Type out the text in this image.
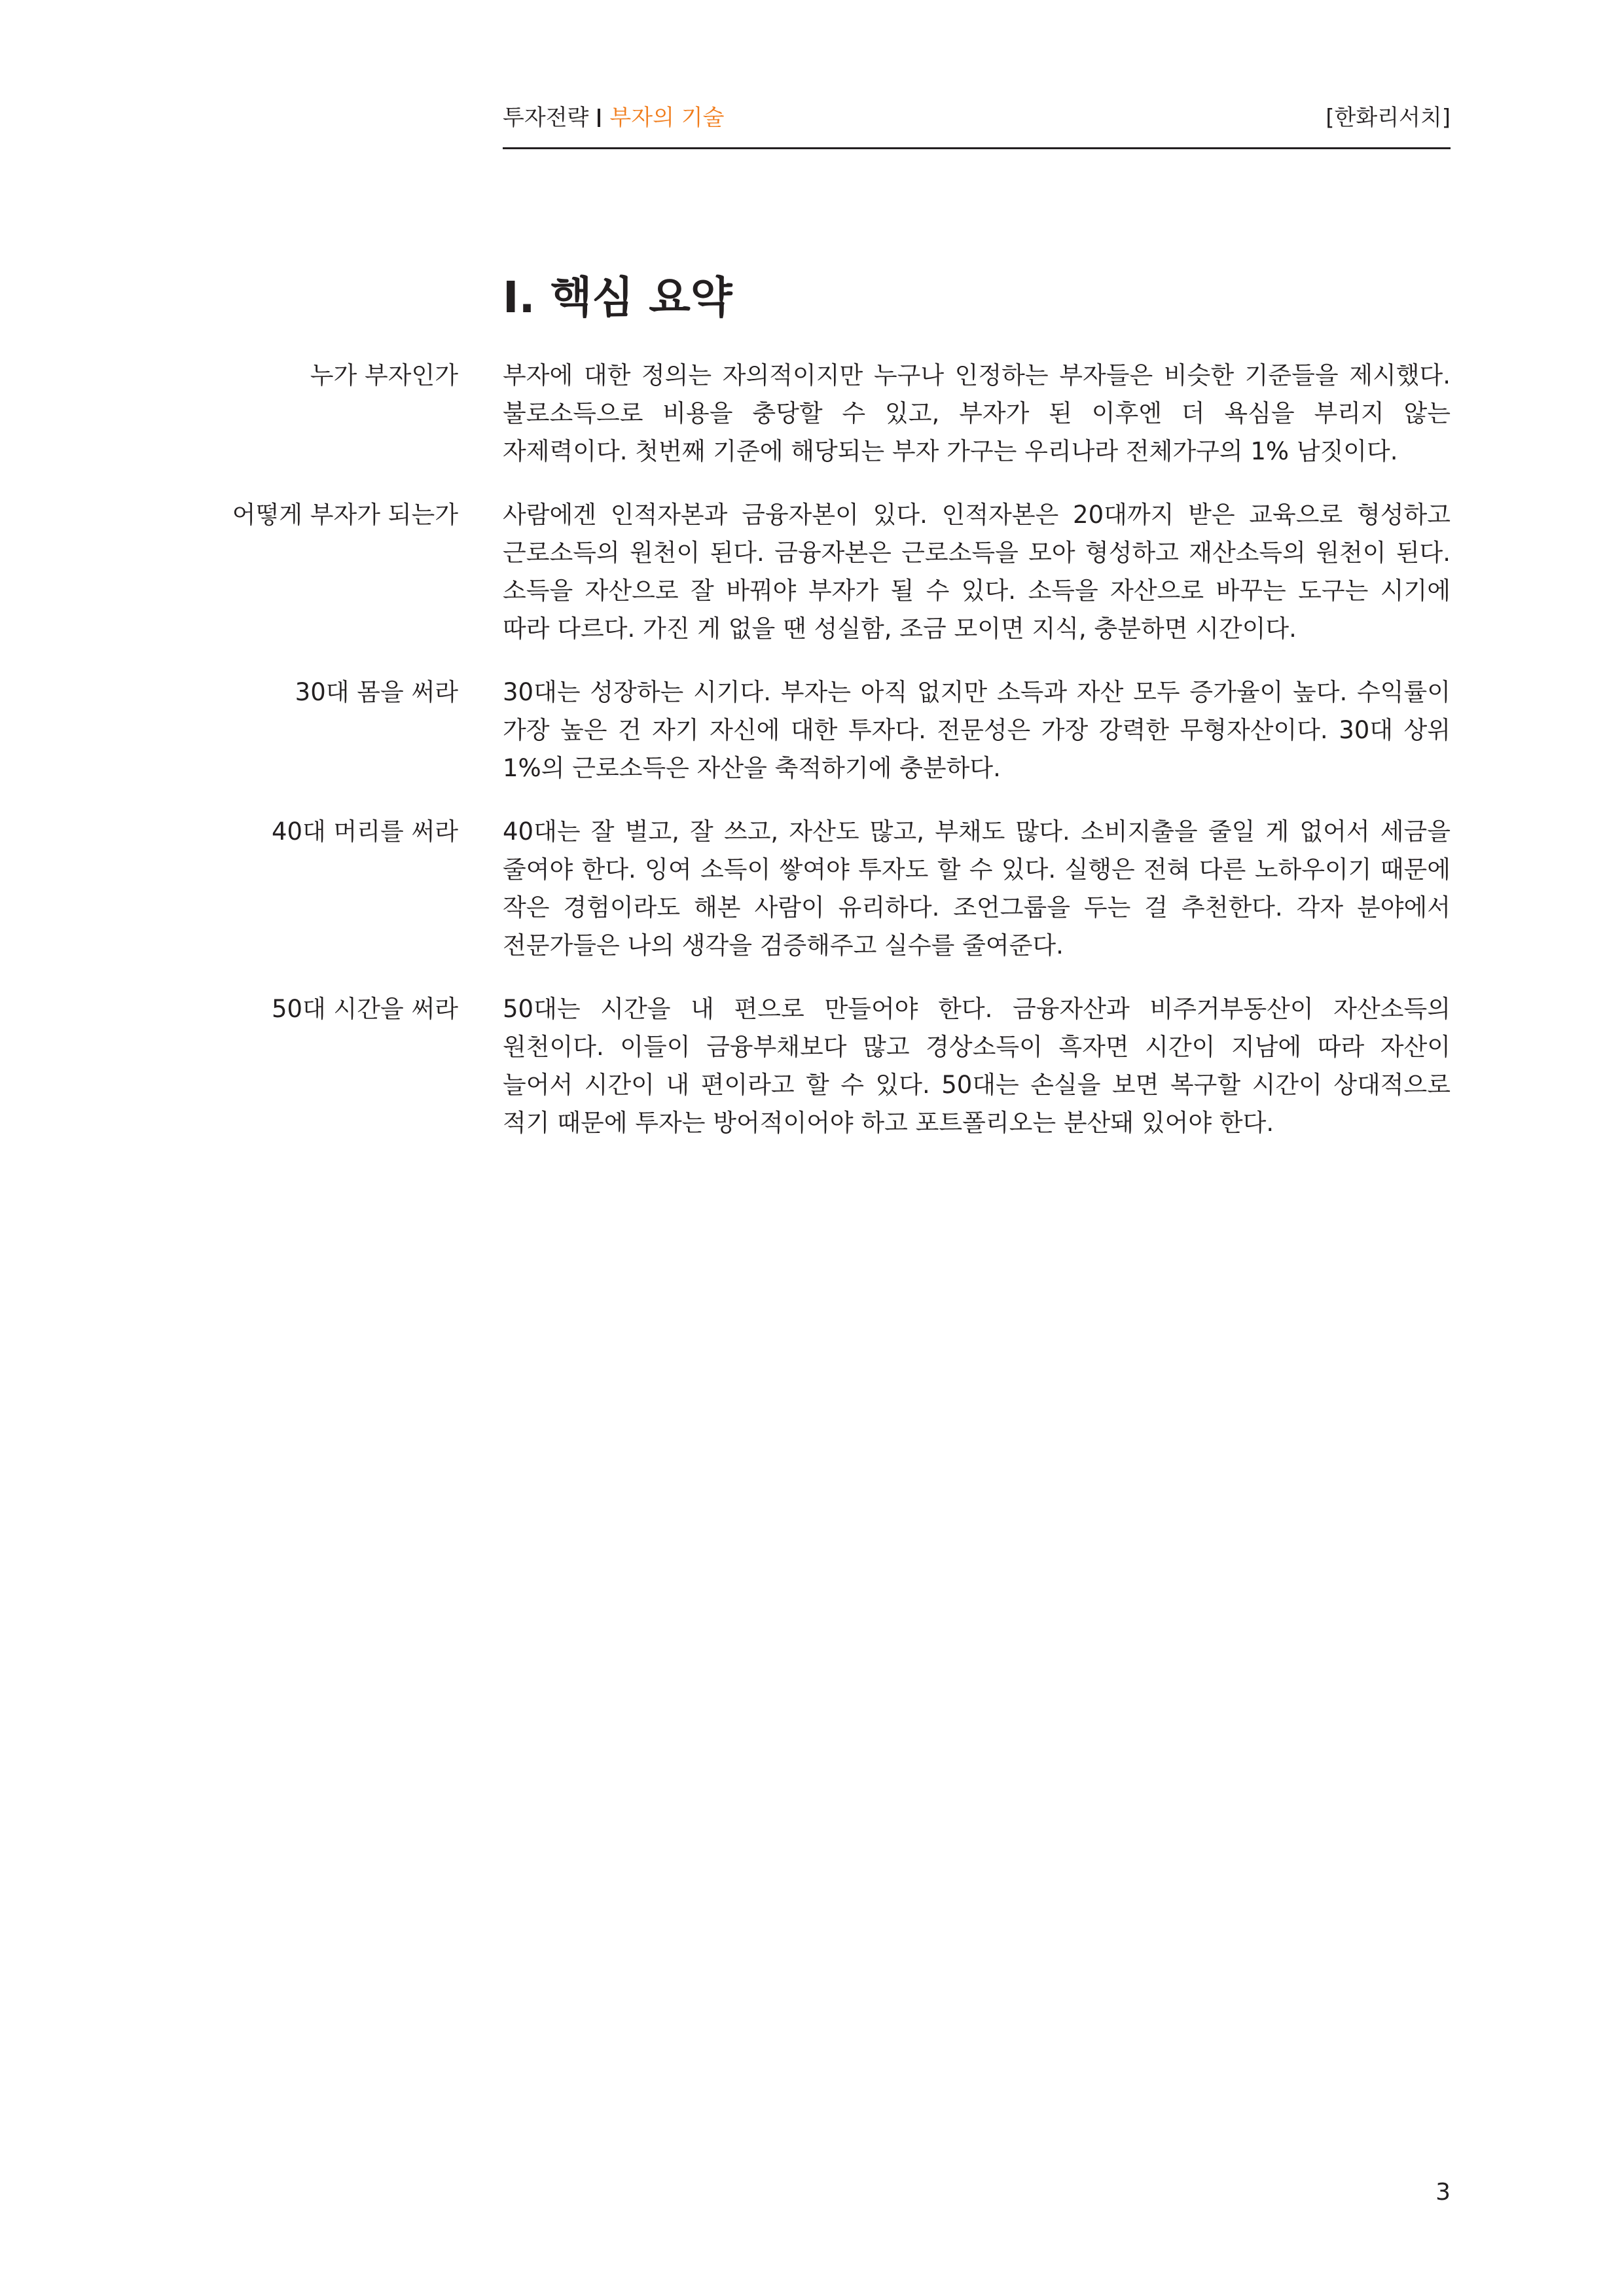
투자전략 부자의 기술	[한화리서치]
I. 핵심 요약
누가 부자인가 부자에 대한 정의는 자의적이지만 누구나 인정하는 부자들은 비슷한 기준들을 제시했다. 불로소득으로 비용을 충당할 수 있고, 부자가 된 이후엔 더 욕심을 부리지 않는 자제력이다. 첫번째 기준에 해당되는 부자 가구는 우리나라 전체가구의 1% 남짓이다.
어떻게 부자가 되는가 사람에겐 인적자본과 금융자본이 있다. 인적자본은 20대까지 받은 교육으로 형성하고 근로소득의 원천이 된다. 금융자본은 근로소득을 모아 형성하고 재산소득의 원천이 된다. 소득을 자산으로 잘 바꿔야 부자가 될 수 있다. 소득을 자산으로 바꾸는 도구는 시기에 따라 다르다. 가진 게 없을 땐 성실함, 조금 모이면 지식, 충분하면 시간이다.
30대 몸을 써라 30대는 성장하는 시기다. 부자는 아직 없지만 소득과 자산 모두 증가율이 높다. 수익률이 가장 높은 건 자기 자신에 대한 투자다. 전문성은 가장 강력한 무형자산이다. 30대 상위 1%의 근로소득은 자산을 축적하기에 충분하다.
40대 머리를 써라 40대는 잘 벌고, 잘 쓰고, 자산도 많고, 부채도 많다. 소비지출을 줄일 게 없어서 세금을 줄여야 한다. 잉여 소득이 쌓여야 투자도 할 수 있다. 실행은 전혀 다른 노하우이기 때문에 작은 경험이라도 해본 사람이 유리하다. 조언그룹을 두는 걸 추천한다. 각자 분야에서 전문가들은 나의 생각을 검증해주고 실수를 줄여준다.
50대 시간을 써라 50대는 시간을 내 편으로 만들어야 한다. 금융자산과 비주거부동산이 자산소득의 원천이다. 이들이 금융부채보다 많고 경상소득이 흑자면 시간이 지남에 따라 자산이 늘어서 시간이 내 편이라고 할 수 있다. 50대는 손실을 보면 복구할 시간이 상대적으로 적기 때문에 투자는 방어적이어야 하고 포트폴리오는 분산돼 있어야 한다.
3
